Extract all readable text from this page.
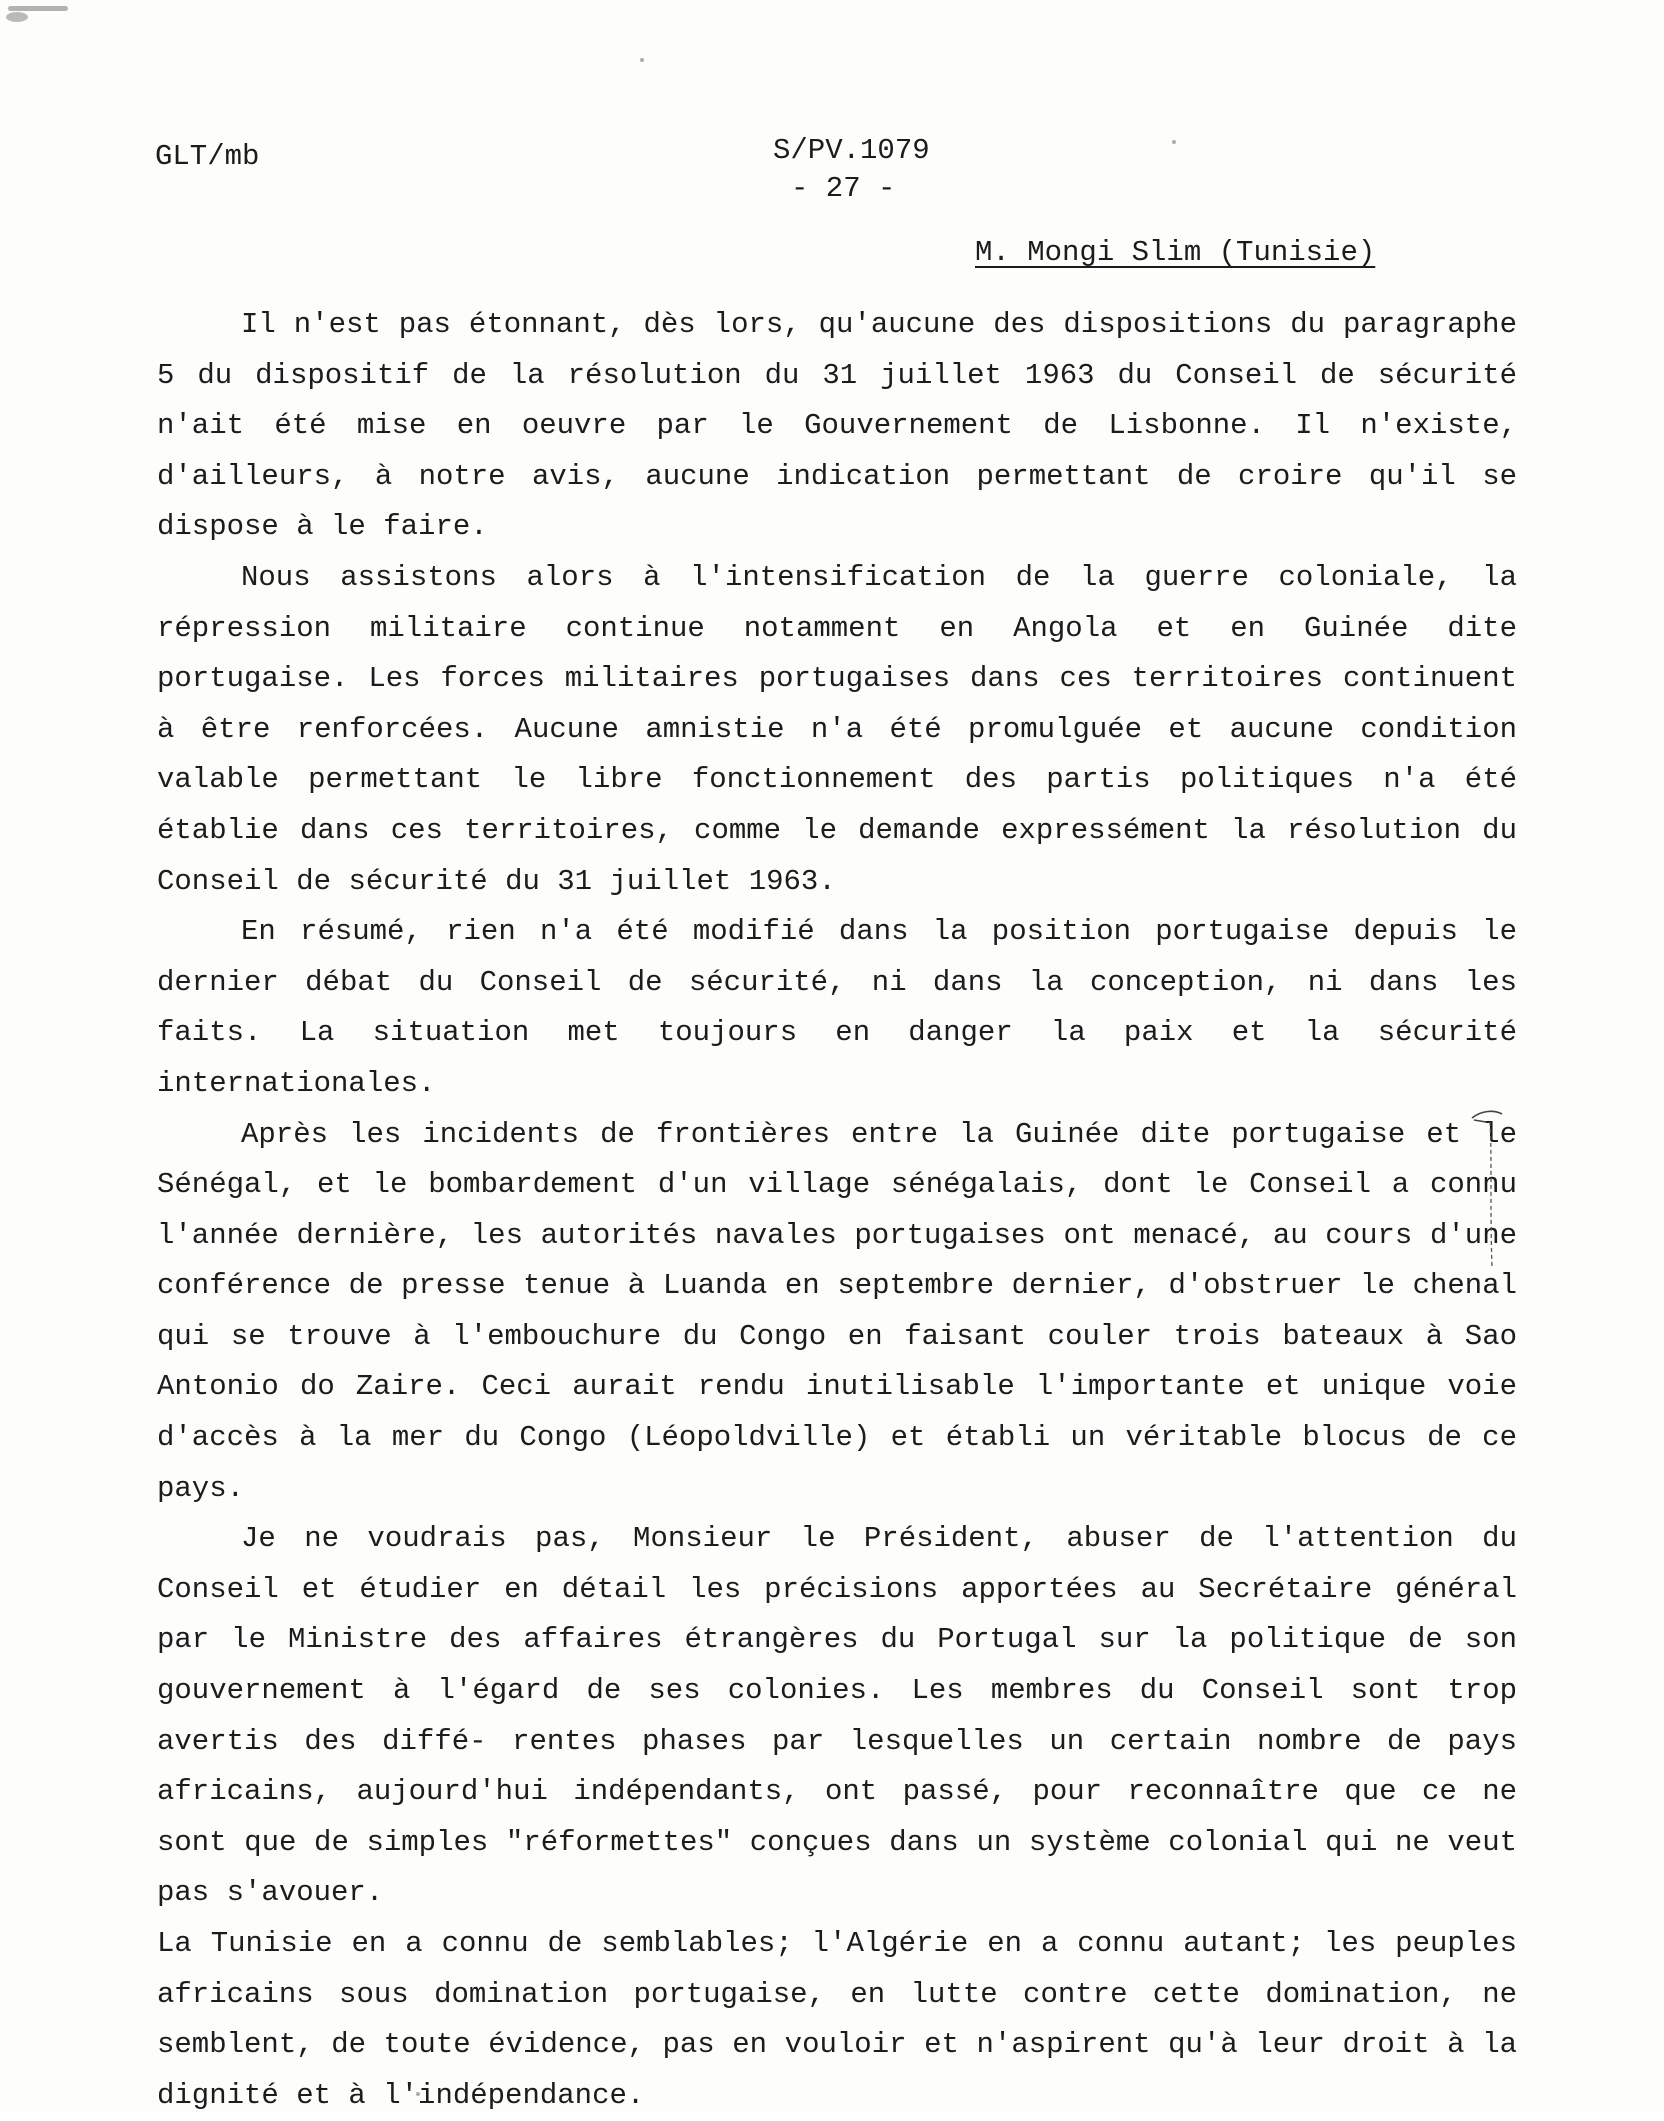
GLT/mb	S/PV.1079
- 27 -
M. Mongi Slim (Tunisie)

Il n'est pas étonnant, dès lors, qu'aucune des dispositions du paragraphe 5 du dispositif de la résolution du 31 juillet 1963 du Conseil de sécurité n'ait été mise en oeuvre par le Gouvernement de Lisbonne. Il n'existe, d'ailleurs, à notre avis, aucune indication permettant de croire qu'il se dispose à le faire.

Nous assistons alors à l'intensification de la guerre coloniale, la répression militaire continue notamment en Angola et en Guinée dite portugaise. Les forces militaires portugaises dans ces territoires continuent à être renforcées. Aucune amnistie n'a été promulguée et aucune condition valable permettant le libre fonctionnement des partis politiques n'a été établie dans ces territoires, comme le demande expressément la résolution du Conseil de sécurité du 31 juillet 1963.

En résumé, rien n'a été modifié dans la position portugaise depuis le dernier débat du Conseil de sécurité, ni dans la conception, ni dans les faits. La situation met toujours en danger la paix et la sécurité internationales.

Après les incidents de frontières entre la Guinée dite portugaise et le Sénégal, et le bombardement d'un village sénégalais, dont le Conseil a connu l'année dernière, les autorités navales portugaises ont menacé, au cours d'une conférence de presse tenue à Luanda en septembre dernier, d'obstruer le chenal qui se trouve à l'embouchure du Congo en faisant couler trois bateaux à Sao Antonio do Zaire. Ceci aurait rendu inutilisable l'importante et unique voie d'accès à la mer du Congo (Léopoldville) et établi un véritable blocus de ce pays.

Je ne voudrais pas, Monsieur le Président, abuser de l'attention du Conseil et étudier en détail les précisions apportées au Secrétaire général par le Ministre des affaires étrangères du Portugal sur la politique de son gouvernement à l'égard de ses colonies. Les membres du Conseil sont trop avertis des diffé- rentes phases par lesquelles un certain nombre de pays africains, aujourd'hui indépendants, ont passé, pour reconnaître que ce ne sont que de simples "réformettes" conçues dans un système colonial qui ne veut pas s'avouer.

La Tunisie en a connu de semblables; l'Algérie en a connu autant; les peuples africains sous domination portugaise, en lutte contre cette domination, ne semblent, de toute évidence, pas en vouloir et n'aspirent qu'à leur droit à la dignité et à l'indépendance.
